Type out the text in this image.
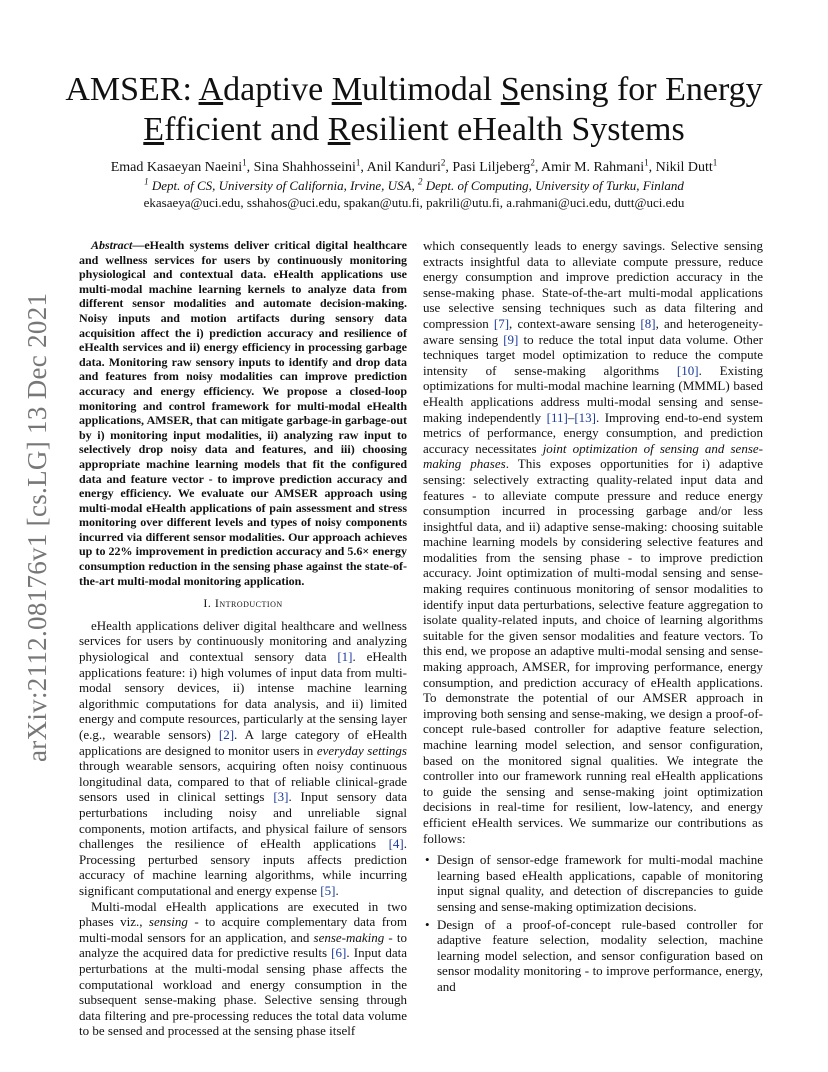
arXiv:2112.08176v1 [cs.LG] 13 Dec 2021
AMSER: Adaptive Multimodal Sensing for Energy
Efficient and Resilient eHealth Systems
Emad Kasaeyan Naeini$^1$, Sina Shahhosseini$^1$, Anil Kanduri$^2$, Pasi Liljeberg$^2$, Amir M. Rahmani$^1$, Nikil Dutt$^1$
$^1$ Dept. of CS, University of California, Irvine, USA, $^2$ Dept. of Computing, University of Turku, Finland
ekasaeya@uci.edu, sshahos@uci.edu, spakan@utu.fi, pakrili@utu.fi, a.rahmani@uci.edu, dutt@uci.edu

Abstract—eHealth systems deliver critical digital healthcare and wellness services for users by continuously monitoring physiological and contextual data. eHealth applications use multi-modal machine learning kernels to analyze data from different sensor modalities and automate decision-making. Noisy inputs and motion artifacts during sensory data acquisition affect the i) prediction accuracy and resilience of eHealth services and ii) energy efficiency in processing garbage data. Monitoring raw sensory inputs to identify and drop data and features from noisy modalities can improve prediction accuracy and energy efficiency. We propose a closed-loop monitoring and control framework for multi-modal eHealth applications, AMSER, that can mitigate garbage-in garbage-out by i) monitoring input modalities, ii) analyzing raw input to selectively drop noisy data and features, and iii) choosing appropriate machine learning models that fit the configured data and feature vector - to improve prediction accuracy and energy efficiency. We evaluate our AMSER approach using multi-modal eHealth applications of pain assessment and stress monitoring over different levels and types of noisy components incurred via different sensor modalities. Our approach achieves up to 22% improvement in prediction accuracy and 5.6× energy consumption reduction in the sensing phase against the state-of-the-art multi-modal monitoring application.

I. Introduction

eHealth applications deliver digital healthcare and wellness services for users by continuously monitoring and analyzing physiological and contextual sensory data [1]. eHealth applications feature: i) high volumes of input data from multi-modal sensory devices, ii) intense machine learning algorithmic computations for data analysis, and ii) limited energy and compute resources, particularly at the sensing layer (e.g., wearable sensors) [2]. A large category of eHealth applications are designed to monitor users in everyday settings through wearable sensors, acquiring often noisy continuous longitudinal data, compared to that of reliable clinical-grade sensors used in clinical settings [3]. Input sensory data perturbations including noisy and unreliable signal components, motion artifacts, and physical failure of sensors challenges the resilience of eHealth applications [4]. Processing perturbed sensory inputs affects prediction accuracy of machine learning algorithms, while incurring significant computational and energy expense [5].

Multi-modal eHealth applications are executed in two phases viz., sensing - to acquire complementary data from multi-modal sensors for an application, and sense-making - to analyze the acquired data for predictive results [6]. Input data perturbations at the multi-modal sensing phase affects the computational workload and energy consumption in the subsequent sense-making phase. Selective sensing through data filtering and pre-processing reduces the total data volume to be sensed and processed at the sensing phase itself

which consequently leads to energy savings. Selective sensing extracts insightful data to alleviate compute pressure, reduce energy consumption and improve prediction accuracy in the sense-making phase. State-of-the-art multi-modal applications use selective sensing techniques such as data filtering and compression [7], context-aware sensing [8], and heterogeneity-aware sensing [9] to reduce the total input data volume. Other techniques target model optimization to reduce the compute intensity of sense-making algorithms [10]. Existing optimizations for multi-modal machine learning (MMML) based eHealth applications address multi-modal sensing and sense-making independently [11]–[13]. Improving end-to-end system metrics of performance, energy consumption, and prediction accuracy necessitates joint optimization of sensing and sense-making phases. This exposes opportunities for i) adaptive sensing: selectively extracting quality-related input data and features - to alleviate compute pressure and reduce energy consumption incurred in processing garbage and/or less insightful data, and ii) adaptive sense-making: choosing suitable machine learning models by considering selective features and modalities from the sensing phase - to improve prediction accuracy. Joint optimization of multi-modal sensing and sense-making requires continuous monitoring of sensor modalities to identify input data perturbations, selective feature aggregation to isolate quality-related inputs, and choice of learning algorithms suitable for the given sensor modalities and feature vectors. To this end, we propose an adaptive multi-modal sensing and sense-making approach, AMSER, for improving performance, energy consumption, and prediction accuracy of eHealth applications. To demonstrate the potential of our AMSER approach in improving both sensing and sense-making, we design a proof-of-concept rule-based controller for adaptive feature selection, machine learning model selection, and sensor configuration, based on the monitored signal qualities. We integrate the controller into our framework running real eHealth applications to guide the sensing and sense-making joint optimization decisions in real-time for resilient, low-latency, and energy efficient eHealth services. We summarize our contributions as follows:

• Design of sensor-edge framework for multi-modal machine learning based eHealth applications, capable of monitoring input signal quality, and detection of discrepancies to guide sensing and sense-making optimization decisions.
• Design of a proof-of-concept rule-based controller for adaptive feature selection, modality selection, machine learning model selection, and sensor configuration based on sensor modality monitoring - to improve performance, energy, and
